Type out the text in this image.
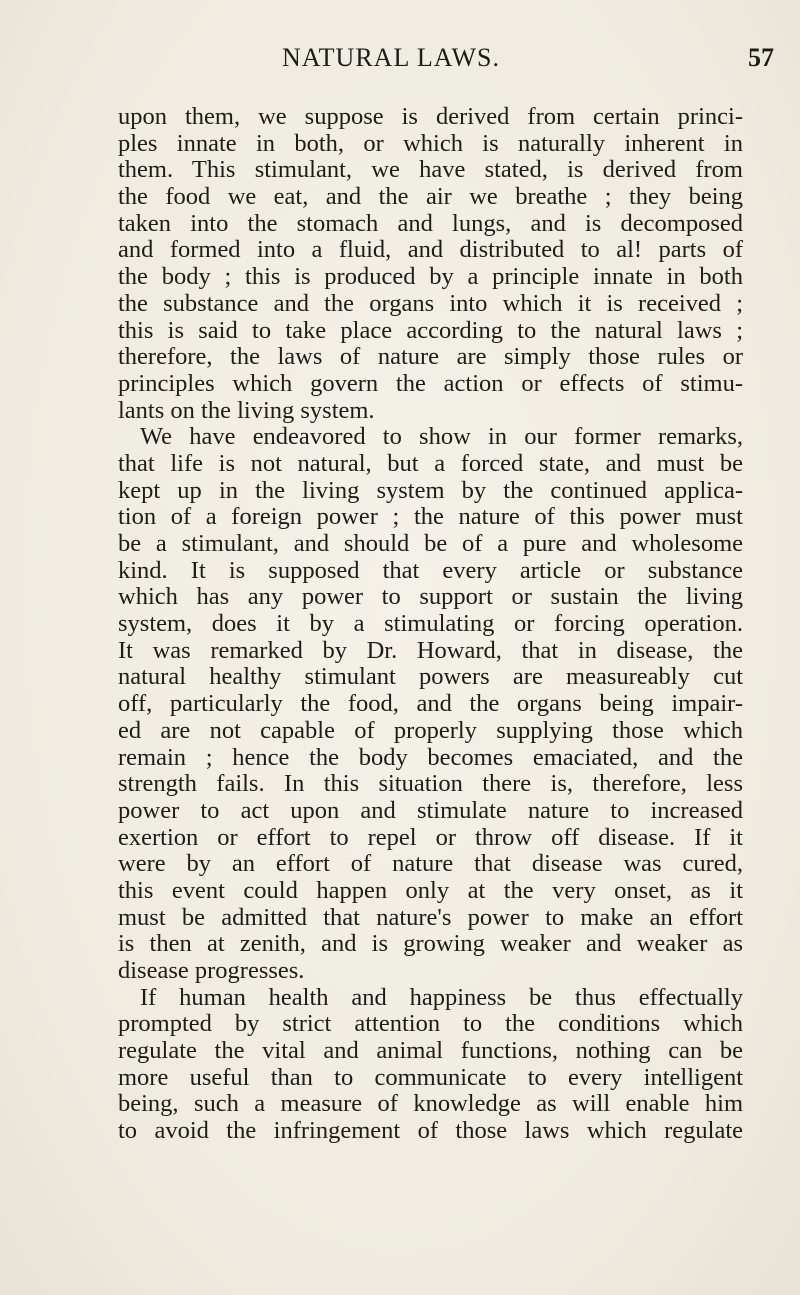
NATURAL LAWS.	57
upon them, we suppose is derived from certain princi-
ples innate in both, or which is naturally inherent in
them. This stimulant, we have stated, is derived from
the food we eat, and the air we breathe ; they being
taken into the stomach and lungs, and is decomposed
and formed into a fluid, and distributed to al! parts of
the body ; this is produced by a principle innate in both
the substance and the organs into which it is received ;
this is said to take place according to the natural laws ;
therefore, the laws of nature are simply those rules or
principles which govern the action or effects of stimu-
lants on the living system.
We have endeavored to show in our former remarks,
that life is not natural, but a forced state, and must be
kept up in the living system by the continued applica-
tion of a foreign power ; the nature of this power must
be a stimulant, and should be of a pure and wholesome
kind. It is supposed that every article or substance
which has any power to support or sustain the living
system, does it by a stimulating or forcing operation.
It was remarked by Dr. Howard, that in disease, the
natural healthy stimulant powers are measureably cut
off, particularly the food, and the organs being impair-
ed are not capable of properly supplying those which
remain ; hence the body becomes emaciated, and the
strength fails. In this situation there is, therefore, less
power to act upon and stimulate nature to increased
exertion or effort to repel or throw off disease. If it
were by an effort of nature that disease was cured,
this event could happen only at the very onset, as it
must be admitted that nature's power to make an effort
is then at zenith, and is growing weaker and weaker as
disease progresses.
If human health and happiness be thus effectually
prompted by strict attention to the conditions which
regulate the vital and animal functions, nothing can be
more useful than to communicate to every intelligent
being, such a measure of knowledge as will enable him
to avoid the infringement of those laws which regulate
